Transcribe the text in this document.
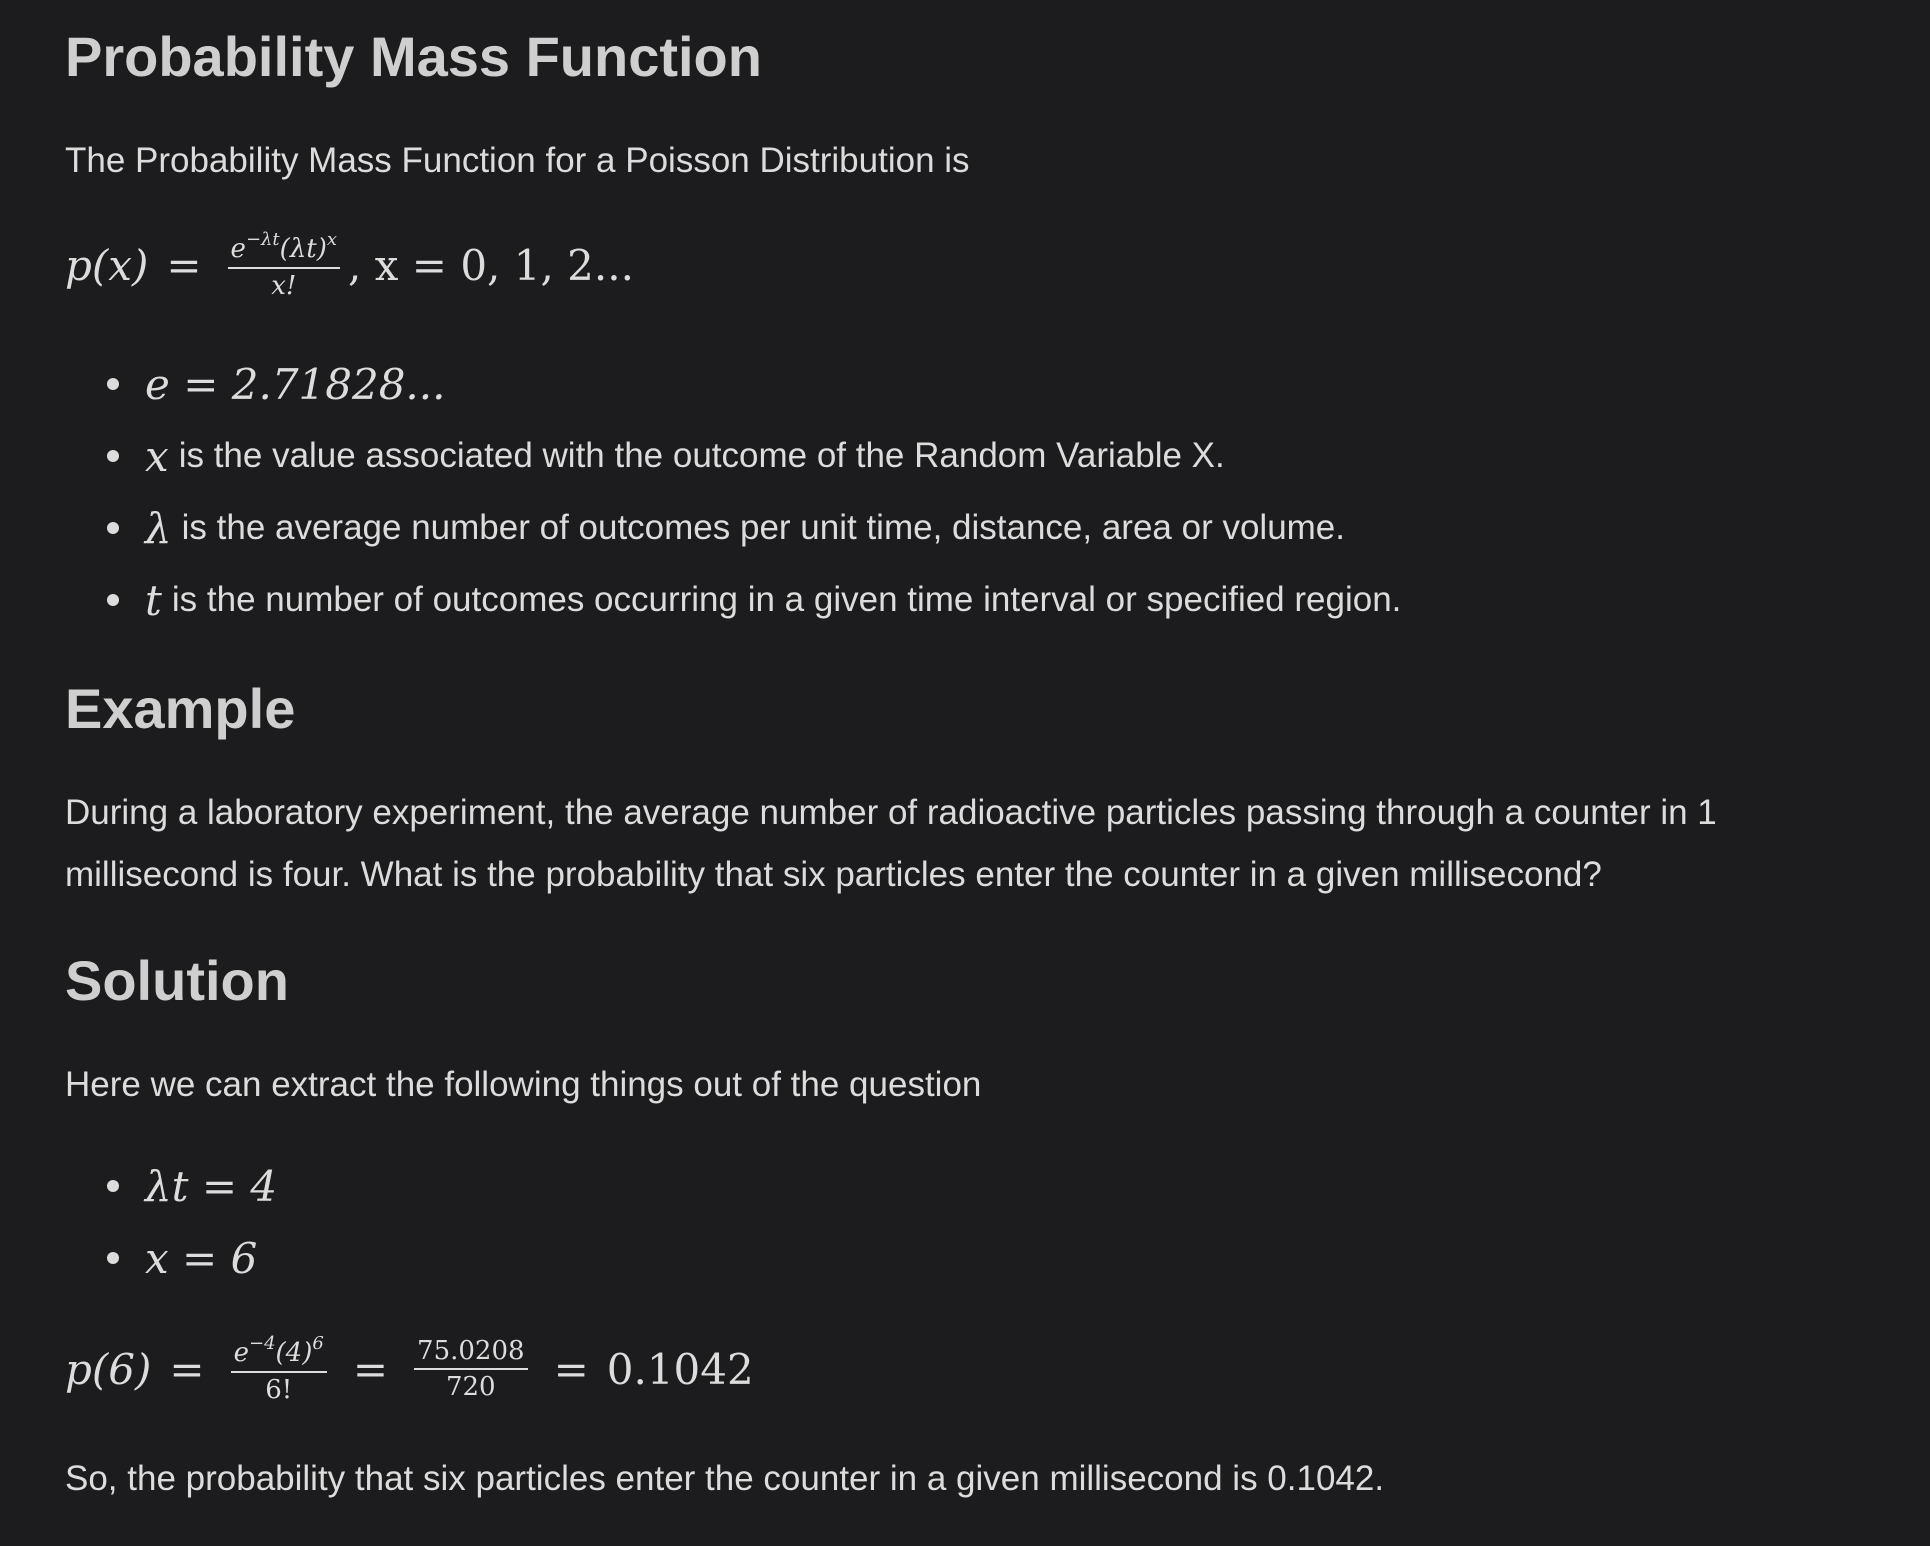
Probability Mass Function

The Probability Mass Function for a Poisson Distribution is

$p(x) = \frac{e^{-\lambda t}(\lambda t)^x}{x!}$ , x = 0, 1, 2...
e = 2.71828...
x is the value associated with the outcome of the Random Variable X.
λ is the average number of outcomes per unit time, distance, area or volume.
t is the number of outcomes occurring in a given time interval or specified region.
Example

During a laboratory experiment, the average number of radioactive particles passing through a counter in 1

millisecond is four. What is the probability that six particles enter the counter in a given millisecond?

Solution

Here we can extract the following things out of the question

λt = 4
x = 6
$p(6) = \frac{e^{-4}(4)^6}{6!} = \frac{75.0208}{720} = 0.1042$

So, the probability that six particles enter the counter in a given millisecond is 0.1042.
